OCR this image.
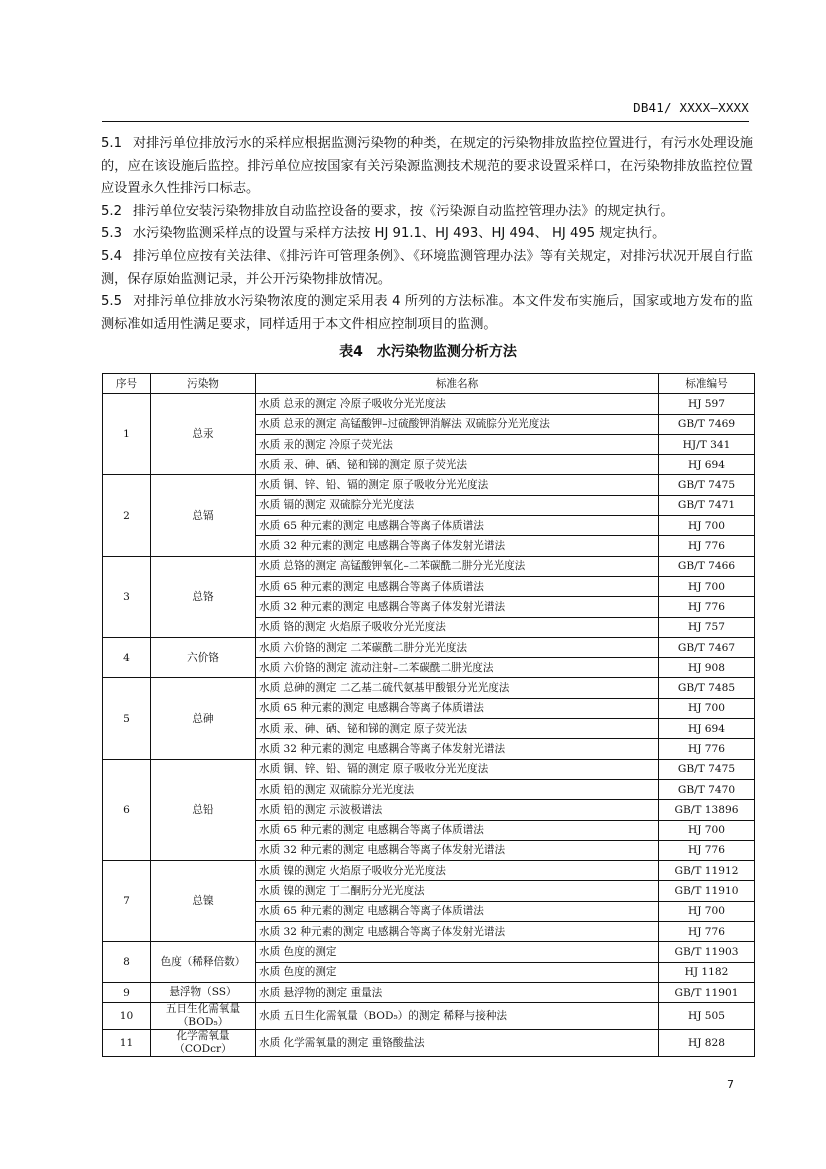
DB41/ XXXX—XXXX

5.1 对排污单位排放污水的采样应根据监测污染物的种类，在规定的污染物排放监控位置进行，有污水处理设施的，应在该设施后监控。排污单位应按国家有关污染源监测技术规范的要求设置采样口，在污染物排放监控位置应设置永久性排污口标志。

5.2 排污单位安装污染物排放自动监控设备的要求，按《污染源自动监控管理办法》的规定执行。

5.3 水污染物监测采样点的设置与采样方法按 HJ 91.1、HJ 493、HJ 494、 HJ 495 规定执行。

5.4 排污单位应按有关法律、《排污许可管理条例》、《环境监测管理办法》等有关规定，对排污状况开展自行监测，保存原始监测记录，并公开污染物排放情况。

5.5 对排污单位排放水污染物浓度的测定采用表 4 所列的方法标准。本文件发布实施后，国家或地方发布的监测标准如适用性满足要求，同样适用于本文件相应控制项目的监测。

表4　水污染物监测分析方法
序号	污染物	标准名称	标准编号
1	总汞	水质 总汞的测定 冷原子吸收分光光度法	HJ 597
		水质 总汞的测定 高锰酸钾–过硫酸钾消解法 双硫腙分光光度法	GB/T 7469
		水质 汞的测定 冷原子荧光法	HJ/T 341
		水质 汞、砷、硒、铋和锑的测定 原子荧光法	HJ 694
2	总镉	水质 铜、锌、铅、镉的测定 原子吸收分光光度法	GB/T 7475
		水质 镉的测定 双硫腙分光光度法	GB/T 7471
		水质 65 种元素的测定 电感耦合等离子体质谱法	HJ 700
		水质 32 种元素的测定 电感耦合等离子体发射光谱法	HJ 776
3	总铬	水质 总铬的测定 高锰酸钾氧化–二苯碳酰二肼分光光度法	GB/T 7466
		水质 65 种元素的测定 电感耦合等离子体质谱法	HJ 700
		水质 32 种元素的测定 电感耦合等离子体发射光谱法	HJ 776
		水质 铬的测定 火焰原子吸收分光光度法	HJ 757
4	六价铬	水质 六价铬的测定 二苯碳酰二肼分光光度法	GB/T 7467
		水质 六价铬的测定 流动注射–二苯碳酰二肼光度法	HJ 908
5	总砷	水质 总砷的测定 二乙基二硫代氨基甲酸银分光光度法	GB/T 7485
		水质 65 种元素的测定 电感耦合等离子体质谱法	HJ 700
		水质 汞、砷、硒、铋和锑的测定 原子荧光法	HJ 694
		水质 32 种元素的测定 电感耦合等离子体发射光谱法	HJ 776
6	总铅	水质 铜、锌、铅、镉的测定 原子吸收分光光度法	GB/T 7475
		水质 铅的测定 双硫腙分光光度法	GB/T 7470
		水质 铅的测定 示波极谱法	GB/T 13896
		水质 65 种元素的测定 电感耦合等离子体质谱法	HJ 700
		水质 32 种元素的测定 电感耦合等离子体发射光谱法	HJ 776
7	总镍	水质 镍的测定 火焰原子吸收分光光度法	GB/T 11912
		水质 镍的测定 丁二酮肟分光光度法	GB/T 11910
		水质 65 种元素的测定 电感耦合等离子体质谱法	HJ 700
		水质 32 种元素的测定 电感耦合等离子体发射光谱法	HJ 776
8	色度（稀释倍数）	水质 色度的测定	GB/T 11903
		水质 色度的测定	HJ 1182
9	悬浮物（SS）	水质 悬浮物的测定 重量法	GB/T 11901
10	五日生化需氧量（BOD₅）	水质 五日生化需氧量（BOD₅）的测定 稀释与接种法	HJ 505
11	化学需氧量（CODcr）	水质 化学需氧量的测定 重铬酸盐法	HJ 828
7
